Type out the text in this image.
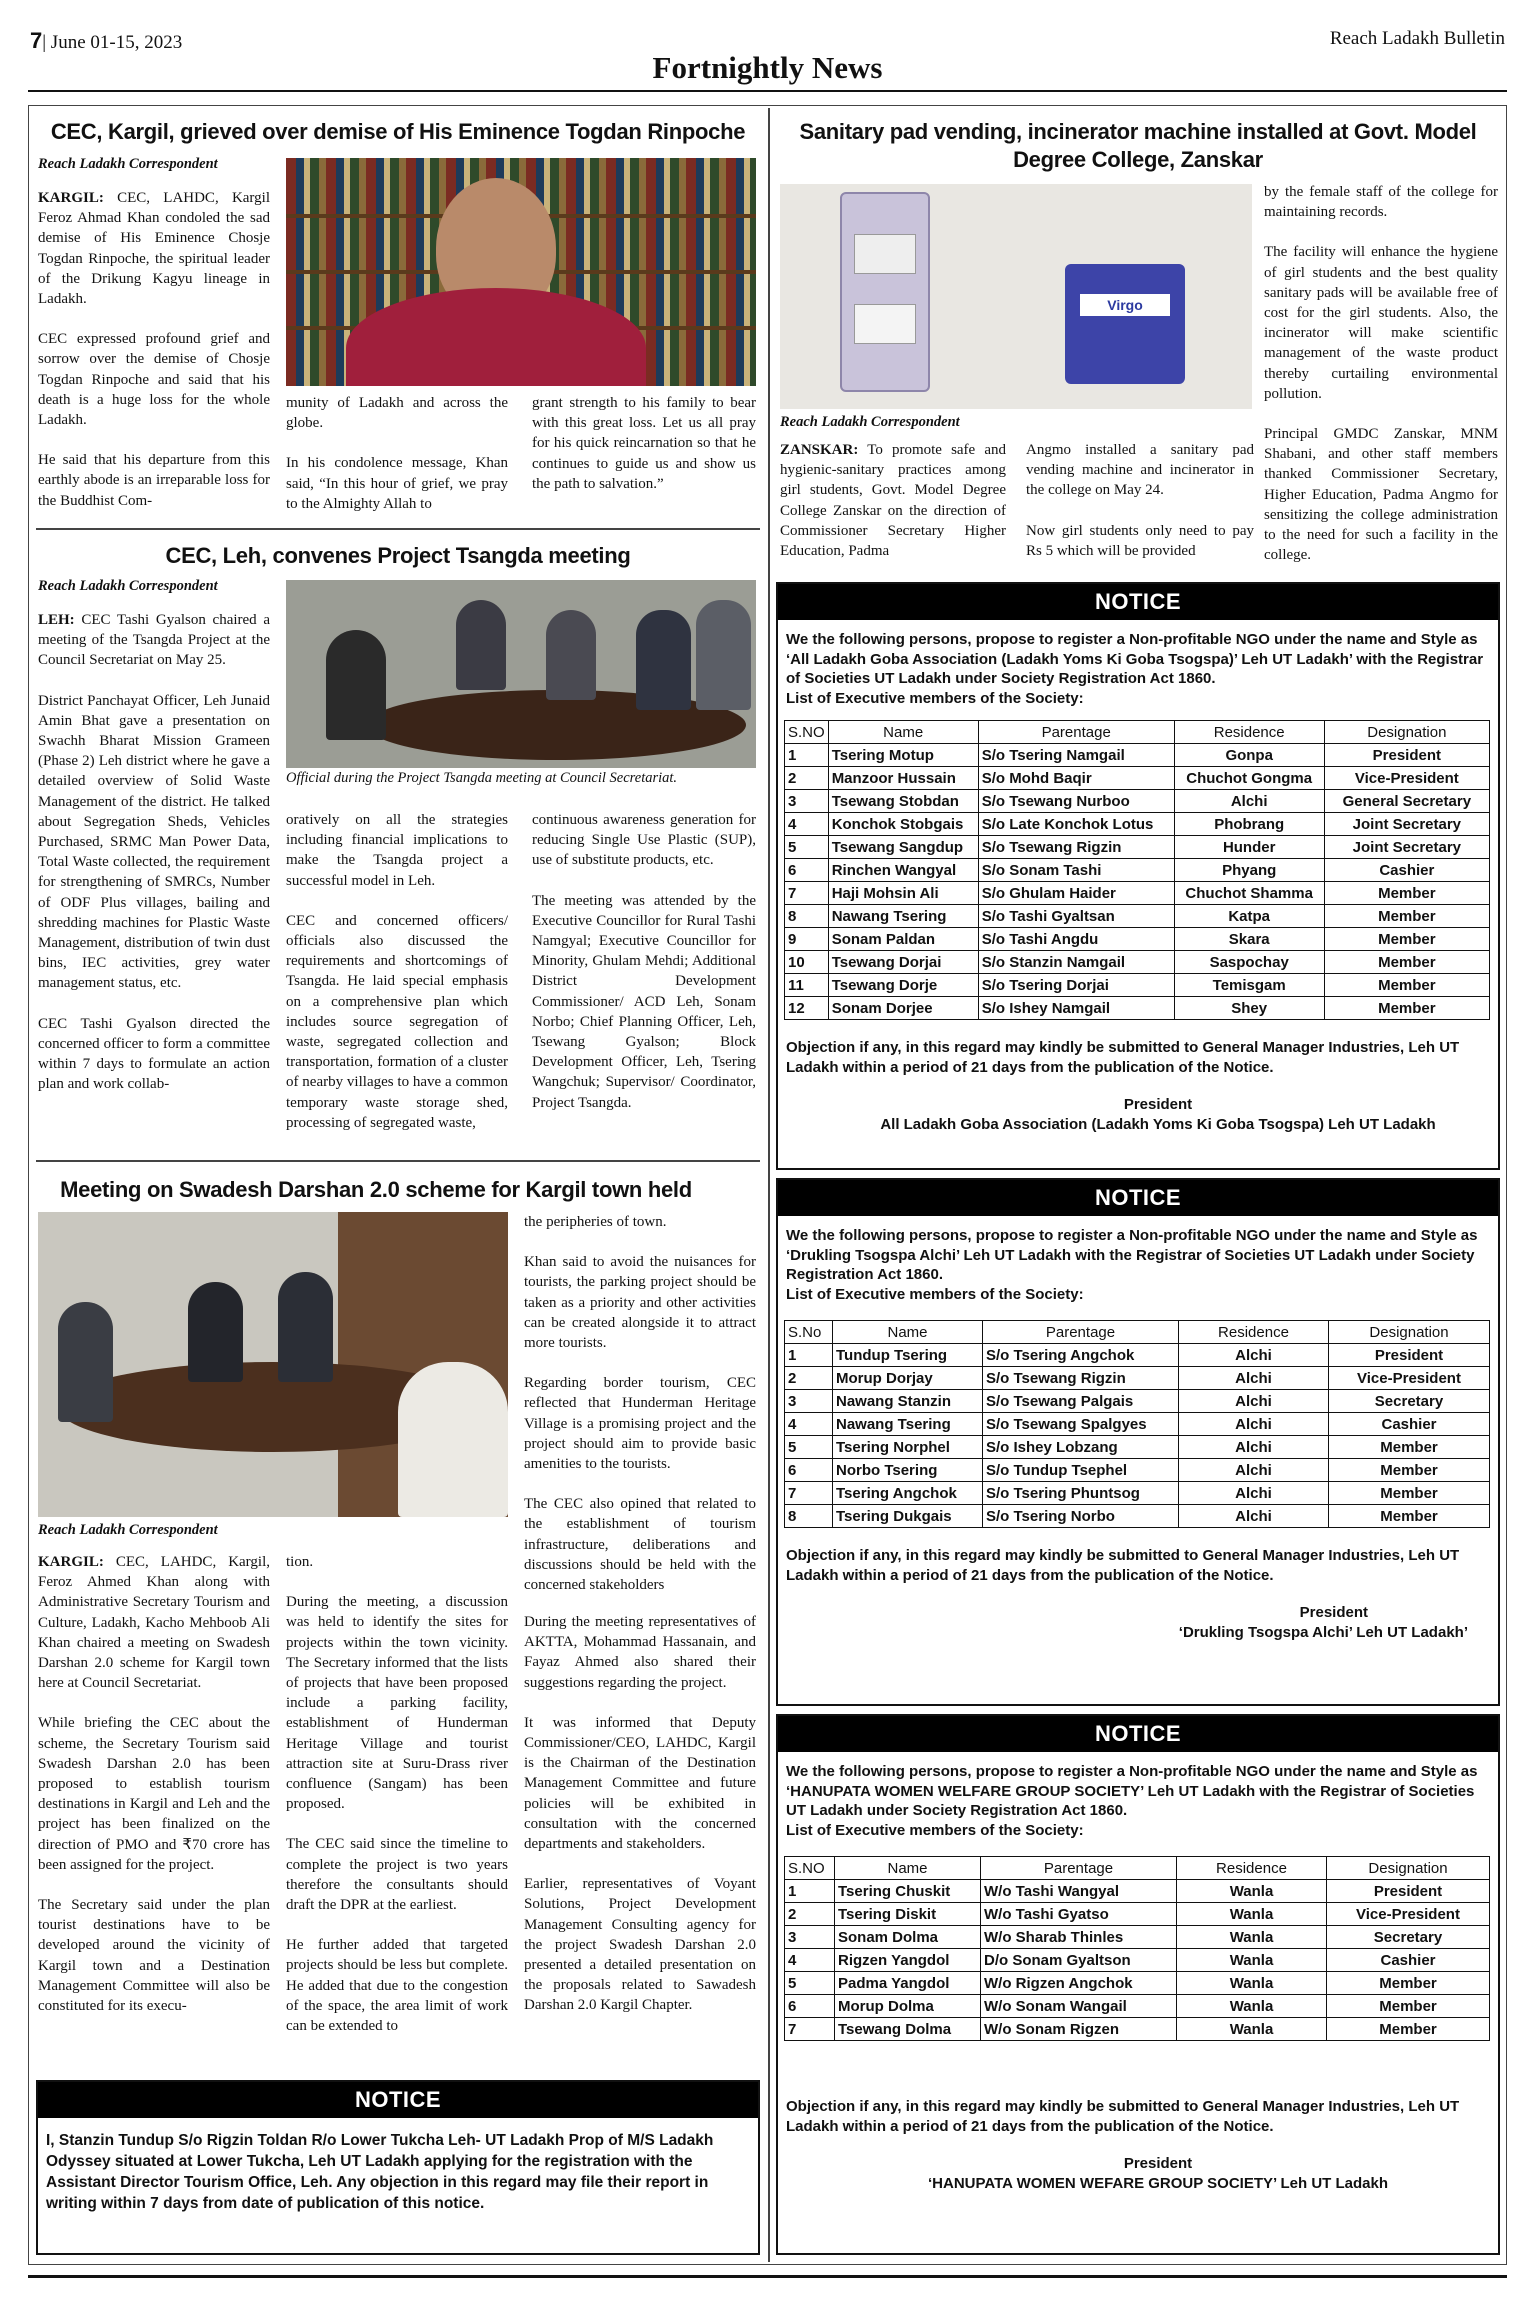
7| June 01-15, 2023	Reach Ladakh Bulletin
Fortnightly News
CEC, Kargil, grieved over demise of His Eminence Togdan Rinpoche
Reach Ladakh Correspondent

KARGIL: CEC, LAHDC, Kargil Feroz Ahmad Khan condoled the sad demise of His Eminence Chosje Togdan Rinpoche, the spiritual leader of the Drikung Kagyu lineage in Ladakh.

CEC expressed profound grief and sorrow over the demise of Chosje Togdan Rinpoche and said that his death is a huge loss for the whole Ladakh.

He said that his departure from this earthly abode is an irreparable loss for the Buddhist Com-

munity of Ladakh and across the globe.

In his condolence message, Khan said, “In this hour of grief, we pray to the Almighty Allah to

grant strength to his family to bear with this great loss. Let us all pray for his quick reincarnation so that he continues to guide us and show us the path to salvation.”

CEC, Leh, convenes Project Tsangda meeting
Reach Ladakh Correspondent
Official during the Project Tsangda meeting at Council Secretariat.

LEH: CEC Tashi Gyalson chaired a meeting of the Tsangda Project at the Council Secretariat on May 25.

District Panchayat Officer, Leh Junaid Amin Bhat gave a presentation on Swachh Bharat Mission Grameen (Phase 2) Leh district where he gave a detailed overview of Solid Waste Management of the district. He talked about Segregation Sheds, Vehicles Purchased, SRMC Man Power Data, Total Waste collected, the requirement for strengthening of SMRCs, Number of ODF Plus villages, bailing and shredding machines for Plastic Waste Management, distribution of twin dust bins, IEC activities, grey water management status, etc.

CEC Tashi Gyalson directed the concerned officer to form a committee within 7 days to formulate an action plan and work collab-

oratively on all the strategies including financial implications to make the Tsangda project a successful model in Leh.

CEC and concerned officers/ officials also discussed the requirements and shortcomings of Tsangda. He laid special emphasis on a comprehensive plan which includes source segregation of waste, segregated collection and transportation, formation of a cluster of nearby villages to have a common temporary waste storage shed, processing of segregated waste,

continuous awareness generation for reducing Single Use Plastic (SUP), use of substitute products, etc.

The meeting was attended by the Executive Councillor for Rural Tashi Namgyal; Executive Councillor for Minority, Ghulam Mehdi; Additional District Development Commissioner/ ACD Leh, Sonam Norbo; Chief Planning Officer, Leh, Tsewang Gyalson; Block Development Officer, Leh, Tsering Wangchuk; Supervisor/ Coordinator, Project Tsangda.

Meeting on Swadesh Darshan 2.0 scheme for Kargil town held
Reach Ladakh Correspondent

KARGIL: CEC, LAHDC, Kargil, Feroz Ahmed Khan along with Administrative Secretary Tourism and Culture, Ladakh, Kacho Mehboob Ali Khan chaired a meeting on Swadesh Darshan 2.0 scheme for Kargil town here at Council Secretariat.

While briefing the CEC about the scheme, the Secretary Tourism said Swadesh Darshan 2.0 has been proposed to establish tourism destinations in Kargil and Leh and the project has been finalized on the direction of PMO and ₹70 crore has been assigned for the project.

The Secretary said under the plan tourist destinations have to be developed around the vicinity of Kargil town and a Destination Management Committee will also be constituted for its execu-

tion.

During the meeting, a discussion was held to identify the sites for projects within the town vicinity. The Secretary informed that the lists of projects that have been proposed include a parking facility, establishment of Hunderman Heritage Village and tourist attraction site at Suru-Drass river confluence (Sangam) has been proposed.

The CEC said since the timeline to complete the project is two years therefore the consultants should draft the DPR at the earliest.

He further added that targeted projects should be less but complete. He added that due to the congestion of the space, the area limit of work can be extended to

the peripheries of town.

Khan said to avoid the nuisances for tourists, the parking project should be taken as a priority and other activities can be created alongside it to attract more tourists.

Regarding border tourism, CEC reflected that Hunderman Heritage Village is a promising project and the project should aim to provide basic amenities to the tourists.

The CEC also opined that related to the establishment of tourism infrastructure, deliberations and discussions should be held with the concerned stakeholders

During the meeting representatives of AKTTA, Mohammad Hassanain, and Fayaz Ahmed also shared their suggestions regarding the project.

It was informed that Deputy Commissioner/CEO, LAHDC, Kargil is the Chairman of the Destination Management Committee and future policies will be exhibited in consultation with the concerned departments and stakeholders.

Earlier, representatives of Voyant Solutions, Project Development Management Consulting agency for the project Swadesh Darshan 2.0 presented a detailed presentation on the proposals related to Sawadesh Darshan 2.0 Kargil Chapter.

NOTICE
I, Stanzin Tundup S/o Rigzin Toldan R/o Lower Tukcha Leh- UT Ladakh Prop of M/S Ladakh Odyssey situated at Lower Tukcha, Leh UT Ladakh applying for the registration with the Assistant Director Tourism Office, Leh. Any objection in this regard may file their report in writing within 7 days from date of publication of this notice.
Sanitary pad vending, incinerator machine installed at Govt. Model Degree College, Zanskar
Virgo
Reach Ladakh Correspondent

ZANSKAR: To promote safe and hygienic-sanitary practices among girl students, Govt. Model Degree College Zanskar on the direction of Commissioner Secretary Higher Education, Padma

Angmo installed a sanitary pad vending machine and incinerator in the college on May 24.

Now girl students only need to pay Rs 5 which will be provided

by the female staff of the college for maintaining records.

The facility will enhance the hygiene of girl students and the best quality sanitary pads will be available free of cost for the girl students. Also, the incinerator will make scientific management of the waste product thereby curtailing environmental pollution.

Principal GMDC Zanskar, MNM Shabani, and other staff members thanked Commissioner Secretary, Higher Education, Padma Angmo for sensitizing the college administration to the need for such a facility in the college.

NOTICE
We the following persons, propose to register a Non-profitable NGO under the name and Style as ‘All Ladakh Goba Association (Ladakh Yoms Ki Goba Tsogspa)’ Leh UT Ladakh’ with the Registrar of Societies UT Ladakh under Society Registration Act 1860.
List of Executive members of the Society:
S.NO	Name	Parentage	Residence	Designation
1	Tsering Motup	S/o Tsering Namgail	Gonpa	President
2	Manzoor Hussain	S/o Mohd Baqir	Chuchot Gongma	Vice-President
3	Tsewang Stobdan	S/o Tsewang Nurboo	Alchi	General Secretary
4	Konchok Stobgais	S/o Late Konchok Lotus	Phobrang	Joint Secretary
5	Tsewang Sangdup	S/o Tsewang Rigzin	Hunder	Joint Secretary
6	Rinchen Wangyal	S/o Sonam Tashi	Phyang	Cashier
7	Haji Mohsin Ali	S/o Ghulam Haider	Chuchot Shamma	Member
8	Nawang Tsering	S/o Tashi Gyaltsan	Katpa	Member
9	Sonam Paldan	S/o Tashi Angdu	Skara	Member
10	Tsewang Dorjai	S/o Stanzin Namgail	Saspochay	Member
11	Tsewang Dorje	S/o Tsering Dorjai	Temisgam	Member
12	Sonam Dorjee	S/o Ishey Namgail	Shey	Member
Objection if any, in this regard may kindly be submitted to General Manager Industries, Leh UT Ladakh within a period of 21 days from the publication of the Notice.
President
All Ladakh Goba Association (Ladakh Yoms Ki Goba Tsogspa) Leh UT Ladakh
NOTICE
We the following persons, propose to register a Non-profitable NGO under the name and Style as ‘Drukling Tsogspa Alchi’ Leh UT Ladakh with the Registrar of Societies UT Ladakh under Society Registration Act 1860.
List of Executive members of the Society:
S.No	Name	Parentage	Residence	Designation
1	Tundup Tsering	S/o Tsering Angchok	Alchi	President
2	Morup Dorjay	S/o Tsewang Rigzin	Alchi	Vice-President
3	Nawang Stanzin	S/o Tsewang Palgais	Alchi	Secretary
4	Nawang Tsering	S/o Tsewang Spalgyes	Alchi	Cashier
5	Tsering Norphel	S/o Ishey Lobzang	Alchi	Member
6	Norbo Tsering	S/o Tundup Tsephel	Alchi	Member
7	Tsering Angchok	S/o Tsering Phuntsog	Alchi	Member
8	Tsering Dukgais	S/o Tsering Norbo	Alchi	Member
Objection if any, in this regard may kindly be submitted to General Manager Industries, Leh UT Ladakh within a period of 21 days from the publication of the Notice.
President
‘Drukling Tsogspa Alchi’ Leh UT Ladakh’
NOTICE
We the following persons, propose to register a Non-profitable NGO under the name and Style as ‘HANUPATA WOMEN WELFARE GROUP SOCIETY’ Leh UT Ladakh with the Registrar of Societies UT Ladakh under Society Registration Act 1860.
List of Executive members of the Society:
S.NO	Name	Parentage	Residence	Designation
1	Tsering Chuskit	W/o Tashi Wangyal	Wanla	President
2	Tsering Diskit	W/o Tashi Gyatso	Wanla	Vice-President
3	Sonam Dolma	W/o Sharab Thinles	Wanla	Secretary
4	Rigzen Yangdol	D/o Sonam Gyaltson	Wanla	Cashier
5	Padma Yangdol	W/o Rigzen Angchok	Wanla	Member
6	Morup Dolma	W/o Sonam Wangail	Wanla	Member
7	Tsewang Dolma	W/o Sonam Rigzen	Wanla	Member
Objection if any, in this regard may kindly be submitted to General Manager Industries, Leh UT Ladakh within a period of 21 days from the publication of the Notice.
President
‘HANUPATA WOMEN WEFARE GROUP SOCIETY’ Leh UT Ladakh
